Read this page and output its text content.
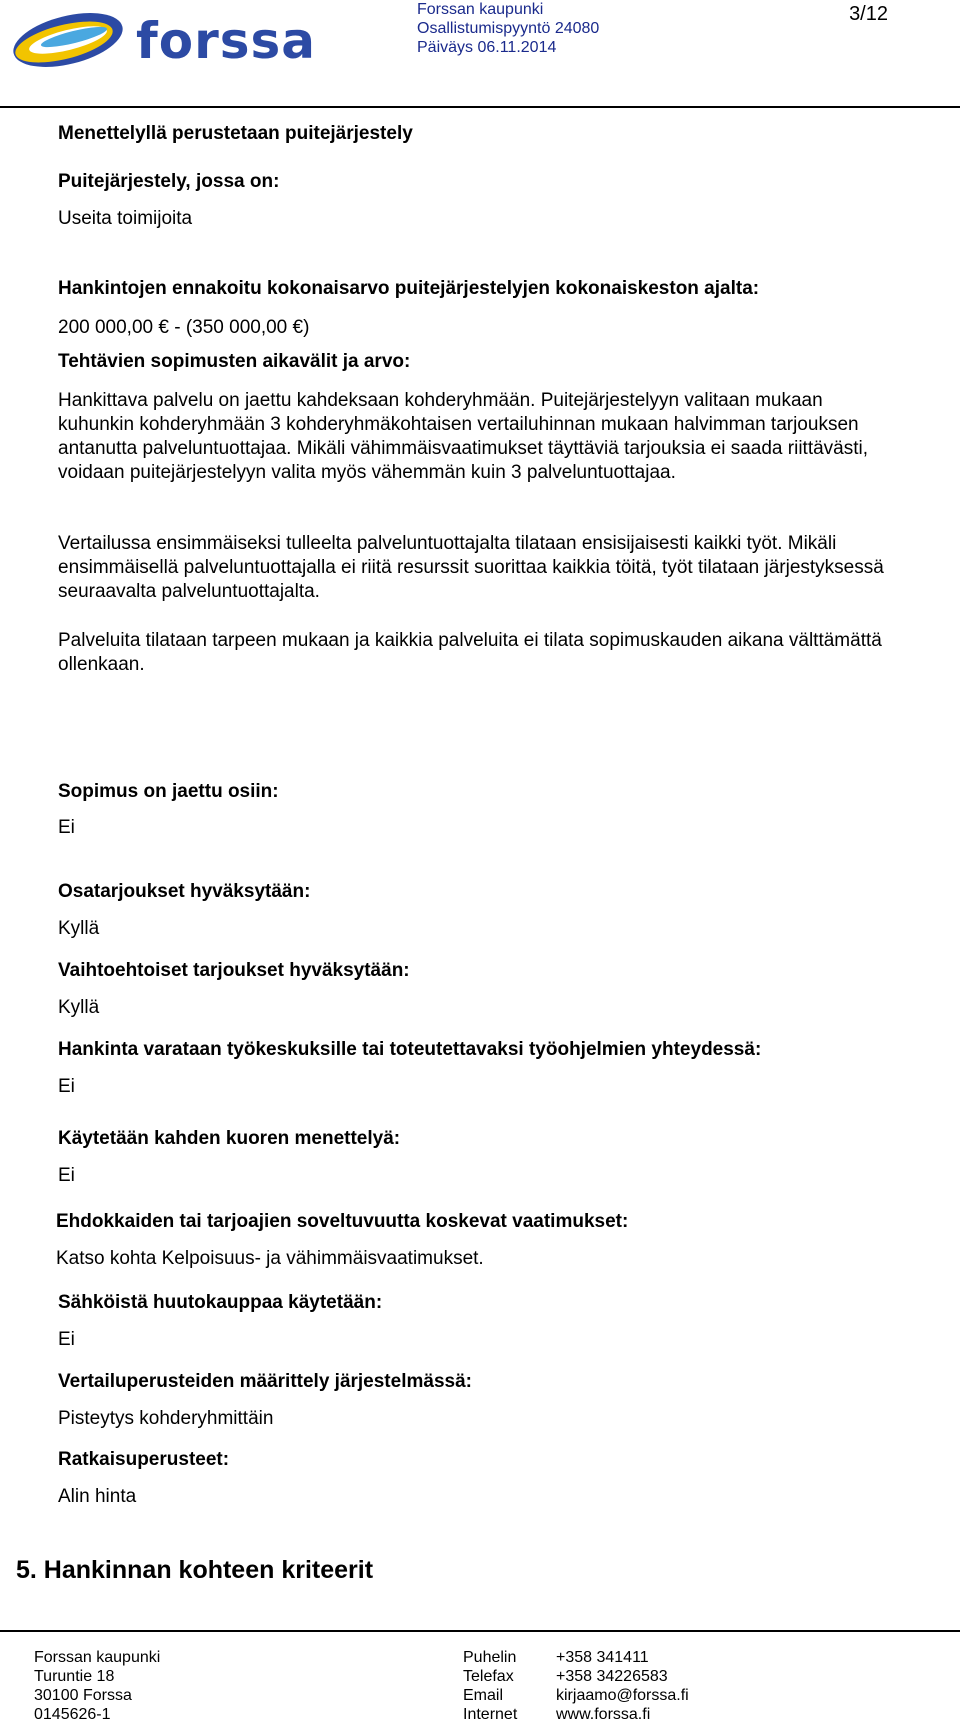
forssa
Forssan kaupunki
Osallistumispyyntö 24080
Päiväys 06.11.2014
3/12
Menettelyllä perustetaan puitejärjestely
Puitejärjestely, jossa on:
Useita toimijoita
Hankintojen ennakoitu kokonaisarvo puitejärjestelyjen kokonaiskeston ajalta:
200 000,00 € - (350 000,00 €)
Tehtävien sopimusten aikavälit ja arvo:
Hankittava palvelu on jaettu kahdeksaan kohderyhmään. Puitejärjestelyyn valitaan mukaan kuhunkin kohderyhmään 3 kohderyhmäkohtaisen vertailuhinnan mukaan halvimman tarjouksen antanutta palveluntuottajaa. Mikäli vähimmäisvaatimukset täyttäviä tarjouksia ei saada riittävästi, voidaan puitejärjestelyyn valita myös vähemmän kuin 3 palveluntuottajaa.
Vertailussa ensimmäiseksi tulleelta palveluntuottajalta tilataan ensisijaisesti kaikki työt. Mikäli ensimmäisellä palveluntuottajalla ei riitä resurssit suorittaa kaikkia töitä, työt tilataan järjestyksessä seuraavalta palveluntuottajalta.
Palveluita tilataan tarpeen mukaan ja kaikkia palveluita ei tilata sopimuskauden aikana välttämättä ollenkaan.
Sopimus on jaettu osiin:
Ei
Osatarjoukset hyväksytään:
Kyllä
Vaihtoehtoiset tarjoukset hyväksytään:
Kyllä
Hankinta varataan työkeskuksille tai toteutettavaksi työohjelmien yhteydessä:
Ei
Käytetään kahden kuoren menettelyä:
Ei
Ehdokkaiden tai tarjoajien soveltuvuutta koskevat vaatimukset:
Katso kohta Kelpoisuus- ja vähimmäisvaatimukset.
Sähköistä huutokauppaa käytetään:
Ei
Vertailuperusteiden määrittely järjestelmässä:
Pisteytys kohderyhmittäin
Ratkaisuperusteet:
Alin hinta
5. Hankinnan kohteen kriteerit
Forssan kaupunki
Turuntie 18
30100 Forssa
0145626-1
Puhelin
Telefax
Email
Internet
+358 341411
+358 34226583
kirjaamo@forssa.fi
www.forssa.fi
